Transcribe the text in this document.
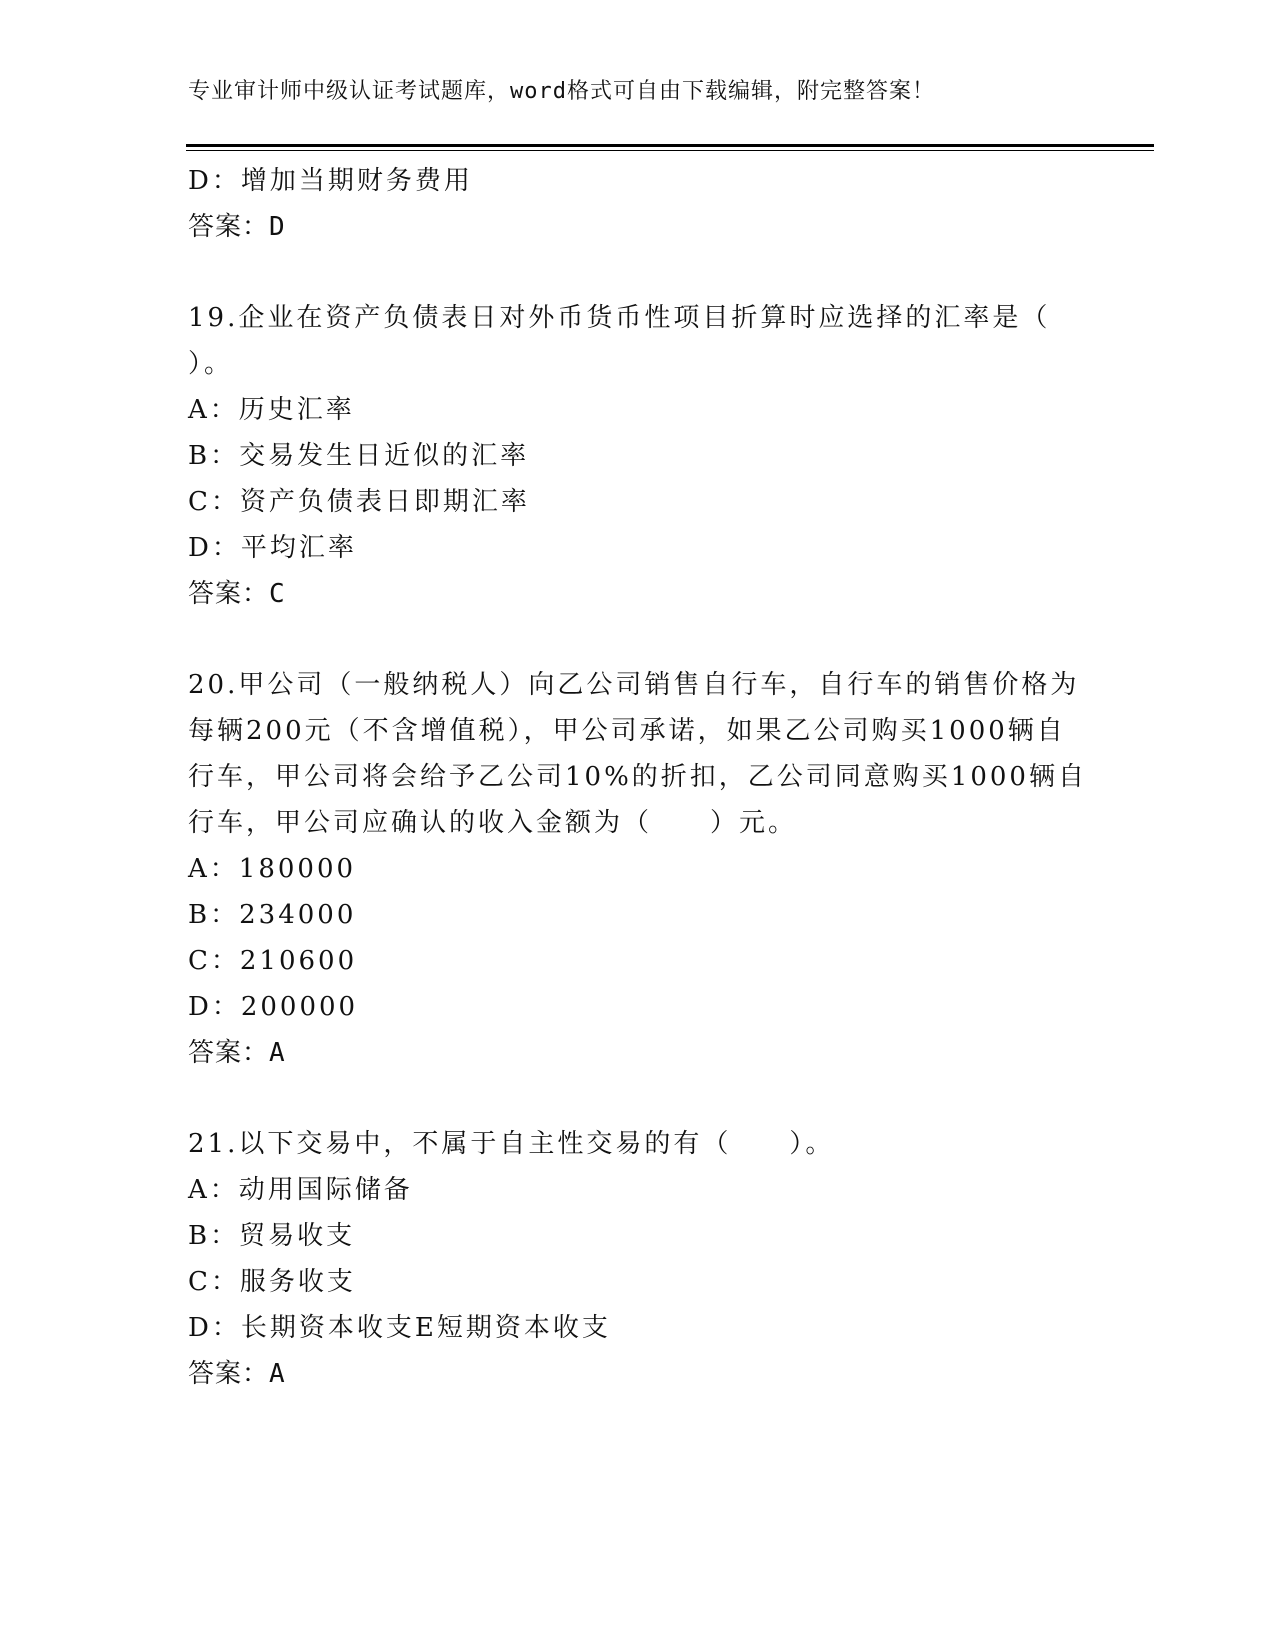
专业审计师中级认证考试题库，word格式可自由下载编辑，附完整答案！
D：增加当期财务费用
答案：D
19.企业在资产负债表日对外币货币性项目折算时应选择的汇率是（
）。
A：历史汇率
B：交易发生日近似的汇率
C：资产负债表日即期汇率
D：平均汇率
答案：C
20.甲公司（一般纳税人）向乙公司销售自行车，自行车的销售价格为
每辆200元（不含增值税），甲公司承诺，如果乙公司购买1000辆自
行车，甲公司将会给予乙公司10%的折扣，乙公司同意购买1000辆自
行车，甲公司应确认的收入金额为（　　）元。
A：180000
B：234000
C：210600
D：200000
答案：A
21.以下交易中，不属于自主性交易的有（　　）。
A：动用国际储备
B：贸易收支
C：服务收支
D：长期资本收支E短期资本收支
答案：A
